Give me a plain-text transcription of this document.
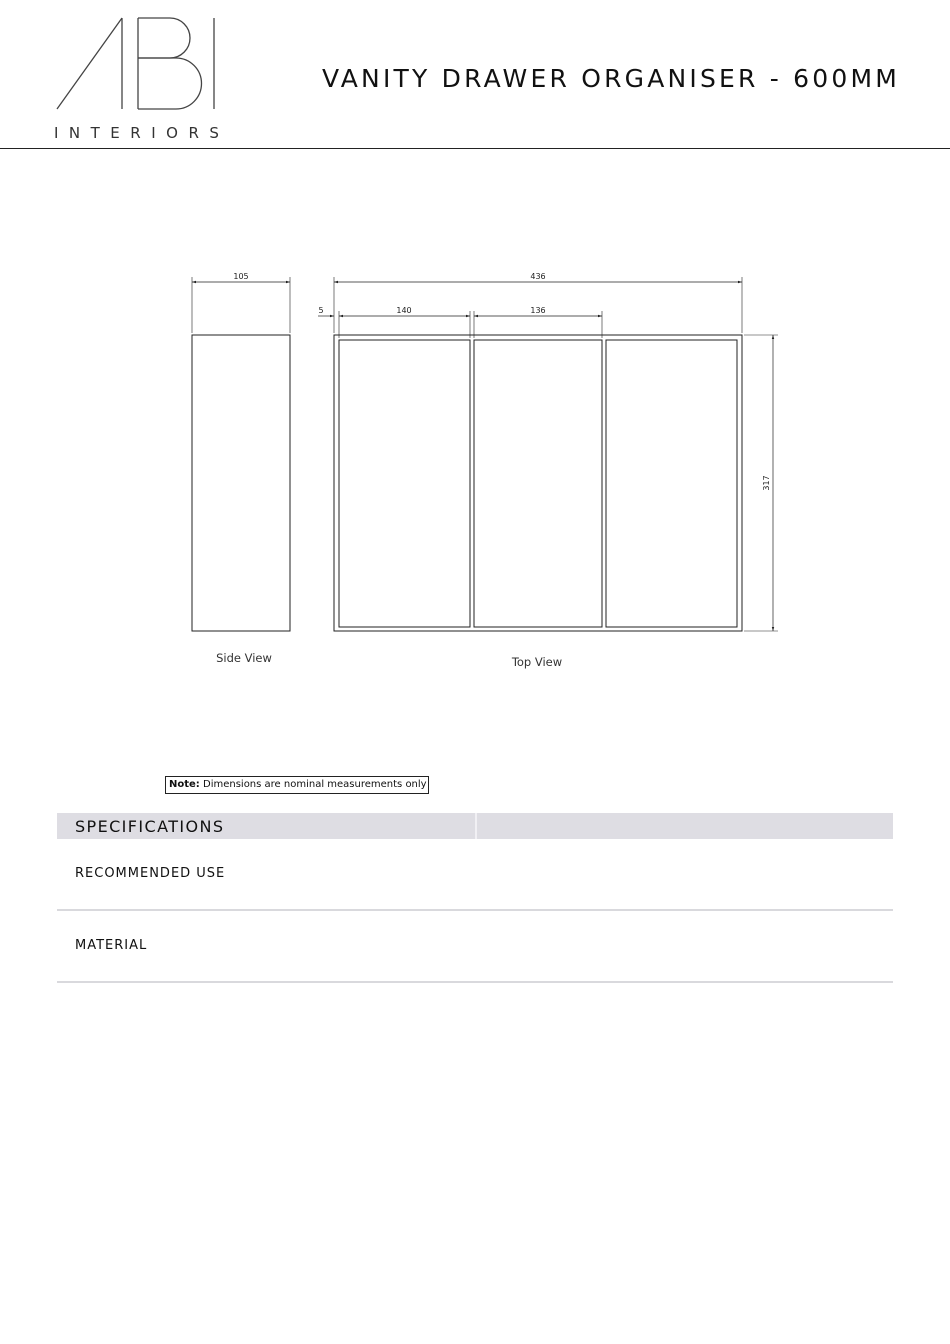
INTERIORS
VANITY DRAWER ORGANISER - 600MM
105
Side View
436
5	140	136
317
Top View
Note: Dimensions are nominal measurements only
SPECIFICATIONS
RECOMMENDED USE
MATERIAL
